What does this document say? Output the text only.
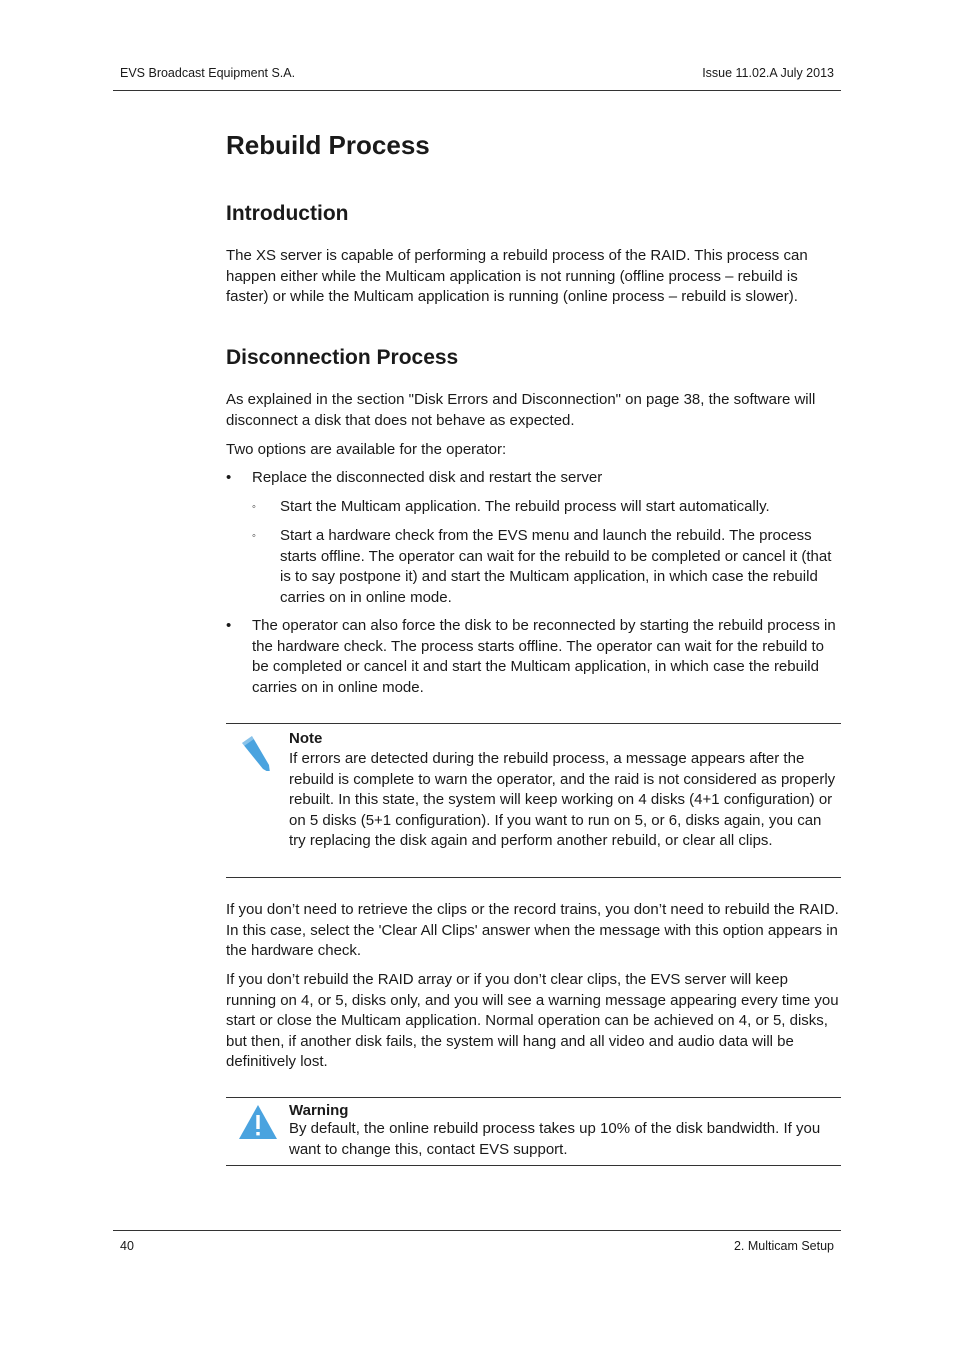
EVS Broadcast Equipment S.A.	Issue 11.02.A July 2013
Rebuild Process
Introduction

The XS server is capable of performing a rebuild process of the RAID. This process can happen either while the Multicam application is not running (offline process – rebuild is faster) or while the Multicam application is running (online process – rebuild is slower).

Disconnection Process

As explained in the section "Disk Errors and Disconnection" on page 38, the software will disconnect a disk that does not behave as expected.

Two options are available for the operator:

• Replace the disconnected disk and restart the server
◦ Start the Multicam application. The rebuild process will start automatically.
◦ Start a hardware check from the EVS menu and launch the rebuild. The process starts offline. The operator can wait for the rebuild to be completed or cancel it (that is to say postpone it) and start the Multicam application, in which case the rebuild carries on in online mode.
• The operator can also force the disk to be reconnected by starting the rebuild process in the hardware check. The process starts offline. The operator can wait for the rebuild to be completed or cancel it and start the Multicam application, in which case the rebuild carries on in online mode.

If you don’t need to retrieve the clips or the record trains, you don’t need to rebuild the RAID. In this case, select the 'Clear All Clips' answer when the message with this option appears in the hardware check.

If you don’t rebuild the RAID array or if you don’t clear clips, the EVS server will keep running on 4, or 5, disks only, and you will see a warning message appearing every time you start or close the Multicam application. Normal operation can be achieved on 4, or 5, disks, but then, if another disk fails, the system will hang and all video and audio data will be definitively lost.

Note
If errors are detected during the rebuild process, a message appears after the rebuild is complete to warn the operator, and the raid is not considered as properly rebuilt. In this state, the system will keep working on 4 disks (4+1 configuration) or on 5 disks (5+1 configuration). If you want to run on 5, or 6, disks again, you can try replacing the disk again and perform another rebuild, or clear all clips.
Warning
By default, the online rebuild process takes up 10% of the disk bandwidth. If you want to change this, contact EVS support.
40	2. Multicam Setup
